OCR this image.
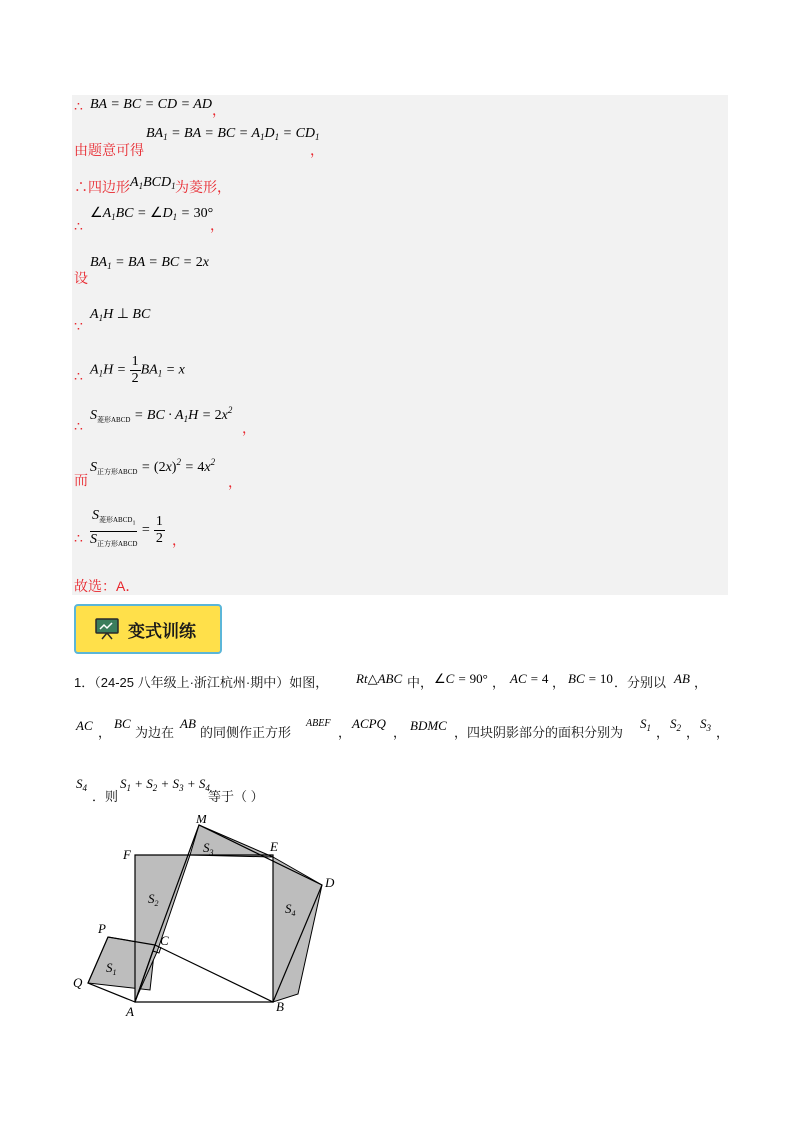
∴ BA = BC = CD = AD ，
由题意可得
$BA_1$ = BA = BC = $A_1D_1 = CD_1$
，
∴四边形 $A_1BCD_1$ 为菱形，
∴
$\angle A_1BC$ = $\angle D_1 = 30^\circ$
，
设
$BA_1$ = BA = BC = 2x
∵
$A_1H$ ⊥ BC
∴ $A_1H = \frac{1}{2} BA_1 = x$
∴
$S_{菱形ABCD}$ = BC · $A_1H = 2x^2$
，
而
$S_{正方形ABCD} = (2x)^2 = 4x^2$
，
∴ $\frac{S_{菱形ABCD_1}}{S_{正方形ABCD}} = \frac{1}{2}$ ，
故选：A．
变式训练
1．（24-25 八年级上·浙江杭州·期中）如图， Rt△ABC 中， ∠C = 90° ， AC = 4 ， BC = 10 ．分别以 AB ，
AC ，
BC
为边在
AB
的同侧作正方形
ABEF
，
ACPQ
， BDMC ，四块阴影部分的面积分别为
$S_1$ ，
$S_2$ ，
$S_3$ ，
$S_4$
．则
$S_1 + S_2 + S_3 + S_4$
等于（ ）
M
E
D
F
P
C
Q
A	B
$S_1$
$S_2$
$S_3$
$S_4$
